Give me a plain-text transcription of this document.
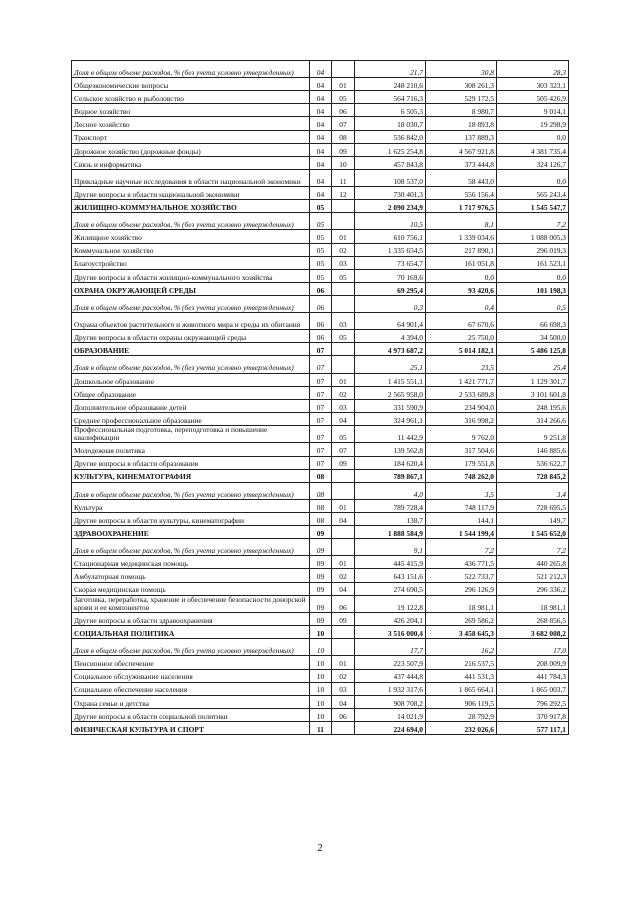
Доля в общем объеме расходов, % (без учета условно утвержденных)	04		21,7	30,8	28,3
Общеэкономические вопросы	04	01	248 210,6	308 261,3	303 323,1
Сельское хозяйство и рыболовство	04	05	564 716,3	529 172,5	505 426,9
Водное хозяйство	04	06	6 505,3	8 980,7	9 014,1
Лесное хозяйство	04	07	18 030,7	18 893,8	19 298,9
Транспорт	04	08	536 842,0	137 889,3	0,0
Дорожное хозяйство (дорожные фонды)	04	09	1 625 254,8	4 567 921,8	4 381 735,4
Связь и информатика	04	10	457 843,8	373 444,8	324 126,7
Прикладные научные исследования в области национальной экономики	04	11	108 537,0	58 443,0	0,0
Другие вопросы в области национальной экономики	04	12	730 401,3	556 156,4	565 243,4
ЖИЛИЩНО-КОММУНАЛЬНОЕ ХОЗЯЙСТВО	05		2 090 234,9	1 717 976,5	1 545 547,7
Доля в общем объеме расходов, % (без учета условно утвержденных)	05		10,5	8,1	7,2
Жилищное хозяйство	05	01	610 756,1	1 339 034,6	1 088 005,3
Коммунальное хозяйство	05	02	1 335 654,5	217 890,1	296 019,3
Благоустройство	05	03	73 654,7	161 051,8	161 523,1
Другие вопросы в области жилищно-коммунального хозяйства	05	05	70 169,6	0,0	0,0
ОХРАНА ОКРУЖАЮЩЕЙ СРЕДЫ	06		69 295,4	93 420,6	101 198,3
Доля в общем объеме расходов, % (без учета условно утвержденных)	06		0,3	0,4	0,5
Охрана объектов растительного и животного мира и среды их обитания	06	03	64 901,4	67 670,6	66 698,3
Другие вопросы в области охраны окружающей среды	06	05	4 394,0	25 750,0	34 500,0
ОБРАЗОВАНИЕ	07		4 973 687,2	5 014 182,1	5 486 125,8
Доля в общем объеме расходов, % (без учета условно утвержденных)	07		25,1	23,5	25,4
Дошкольное образование	07	01	1 415 551,1	1 421 771,7	1 129 301,7
Общее образование	07	02	2 565 958,0	2 533 689,8	3 101 601,8
Дополнительное образование детей	07	03	331 590,9	234 904,0	248 195,6
Среднее профессиональное образование	07	04	324 961,1	316 998,2	314 266,6
Профессиональная подготовка, переподготовка и повышение квалификации	07	05	11 442,9	9 762,0	9 251,8
Молодежная политика	07	07	139 562,8	317 504,6	146 885,6
Другие вопросы в области образования	07	09	184 620,4	179 551,8	536 622,7
КУЛЬТУРА, КИНЕМАТОГРАФИЯ	08		789 867,1	748 262,0	728 845,2
Доля в общем объеме расходов, % (без учета условно утвержденных)	08		4,0	3,5	3,4
Культура	08	01	789 728,4	748 117,9	728 695,5
Другие вопросы в области культуры, кинематографии	08	04	138,7	144,1	149,7
ЗДРАВООХРАНЕНИЕ	09		1 888 584,9	1 544 199,4	1 545 652,0
Доля в общем объеме расходов, % (без учета условно утвержденных)	09		9,1	7,2	7,2
Стационарная медицинская помощь	09	01	445 415,9	436 771,5	440 265,8
Амбулаторная помощь	09	02	643 151,6	522 733,7	521 212,3
Скорая медицинская помощь	09	04	274 690,5	296 126,9	296 336,2
Заготовка, переработка, хранение и обеспечение безопасности донорской крови и ее компонентов	09	06	19 122,8	18 981,1	18 981,1
Другие вопросы в области здравоохранения	09	09	426 204,1	269 586,2	268 856,5
СОЦИАЛЬНАЯ ПОЛИТИКА	10		3 516 000,4	3 458 645,3	3 682 008,2
Доля в общем объеме расходов, % (без учета условно утвержденных)	10		17,7	16,2	17,0
Пенсионное обеспечение	10	01	223 507,9	216 537,5	208 009,9
Социальное обслуживание населения	10	02	437 444,8	441 531,3	441 784,3
Социальное обеспечение населения	10	03	1 932 317,6	1 865 664,1	1 865 003,7
Охрана семьи и детства	10	04	908 708,2	906 119,5	796 292,5
Другие вопросы в области социальной политики	10	06	14 021,9	28 792,9	370 917,8
ФИЗИЧЕСКАЯ КУЛЬТУРА И СПОРТ	11		224 694,0	232 026,6	577 117,1
2
